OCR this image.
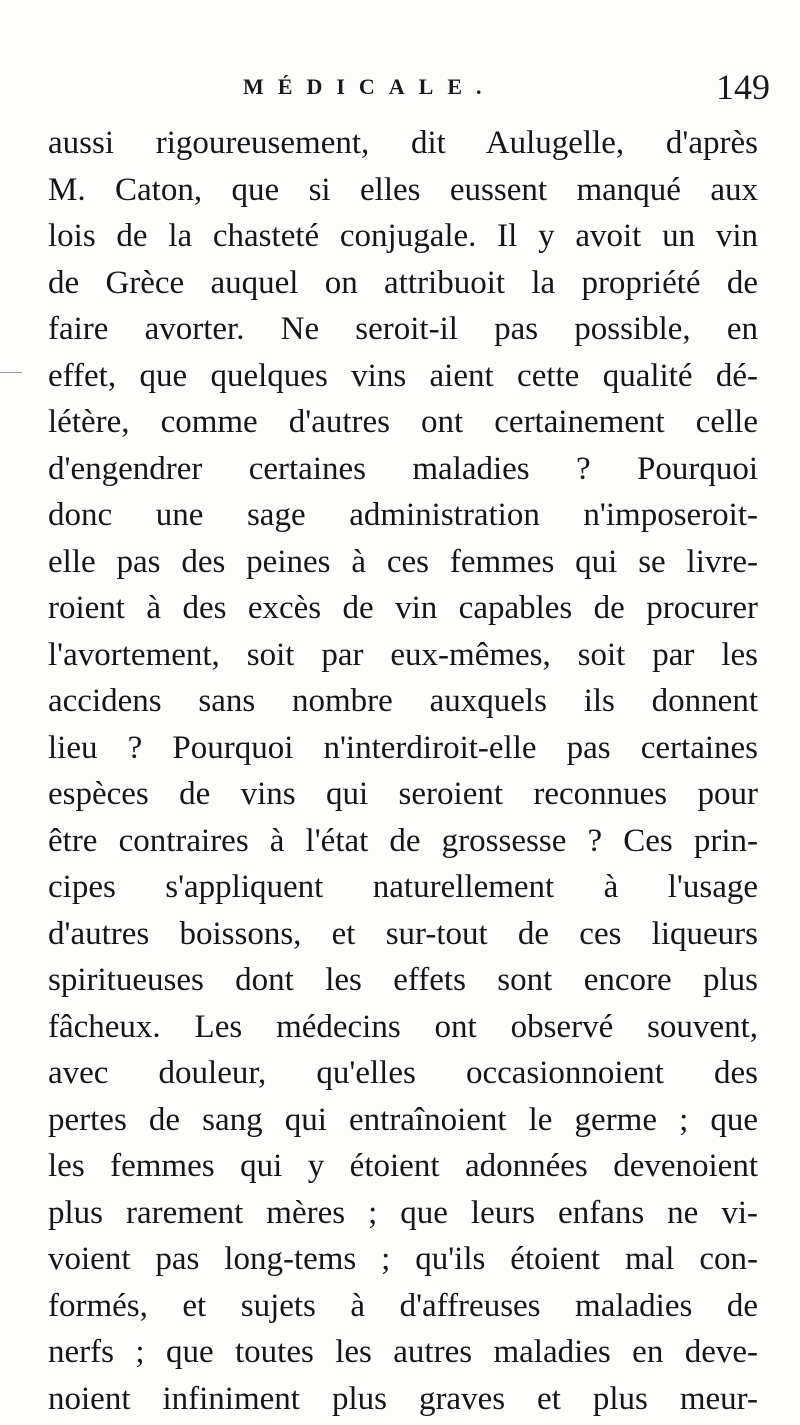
MÉDICALE.	149
aussi rigoureusement, dit Aulugelle, d'après
M. Caton, que si elles eussent manqué aux
lois de la chasteté conjugale. Il y avoit un vin
de Grèce auquel on attribuoit la propriété de
faire avorter. Ne seroit-il pas possible, en
effet, que quelques vins aient cette qualité dé-
létère, comme d'autres ont certainement celle
d'engendrer certaines maladies ? Pourquoi
donc une sage administration n'imposeroit-
elle pas des peines à ces femmes qui se livre-
roient à des excès de vin capables de procurer
l'avortement, soit par eux-mêmes, soit par les
accidens sans nombre auxquels ils donnent
lieu ? Pourquoi n'interdiroit-elle pas certaines
espèces de vins qui seroient reconnues pour
être contraires à l'état de grossesse ? Ces prin-
cipes s'appliquent naturellement à l'usage
d'autres boissons, et sur-tout de ces liqueurs
spiritueuses dont les effets sont encore plus
fâcheux. Les médecins ont observé souvent,
avec douleur, qu'elles occasionnoient des
pertes de sang qui entraînoient le germe ; que
les femmes qui y étoient adonnées devenoient
plus rarement mères ; que leurs enfans ne vi-
voient pas long-tems ; qu'ils étoient mal con-
formés, et sujets à d'affreuses maladies de
nerfs ; que toutes les autres maladies en deve-
noient infiniment plus graves et plus meur-
